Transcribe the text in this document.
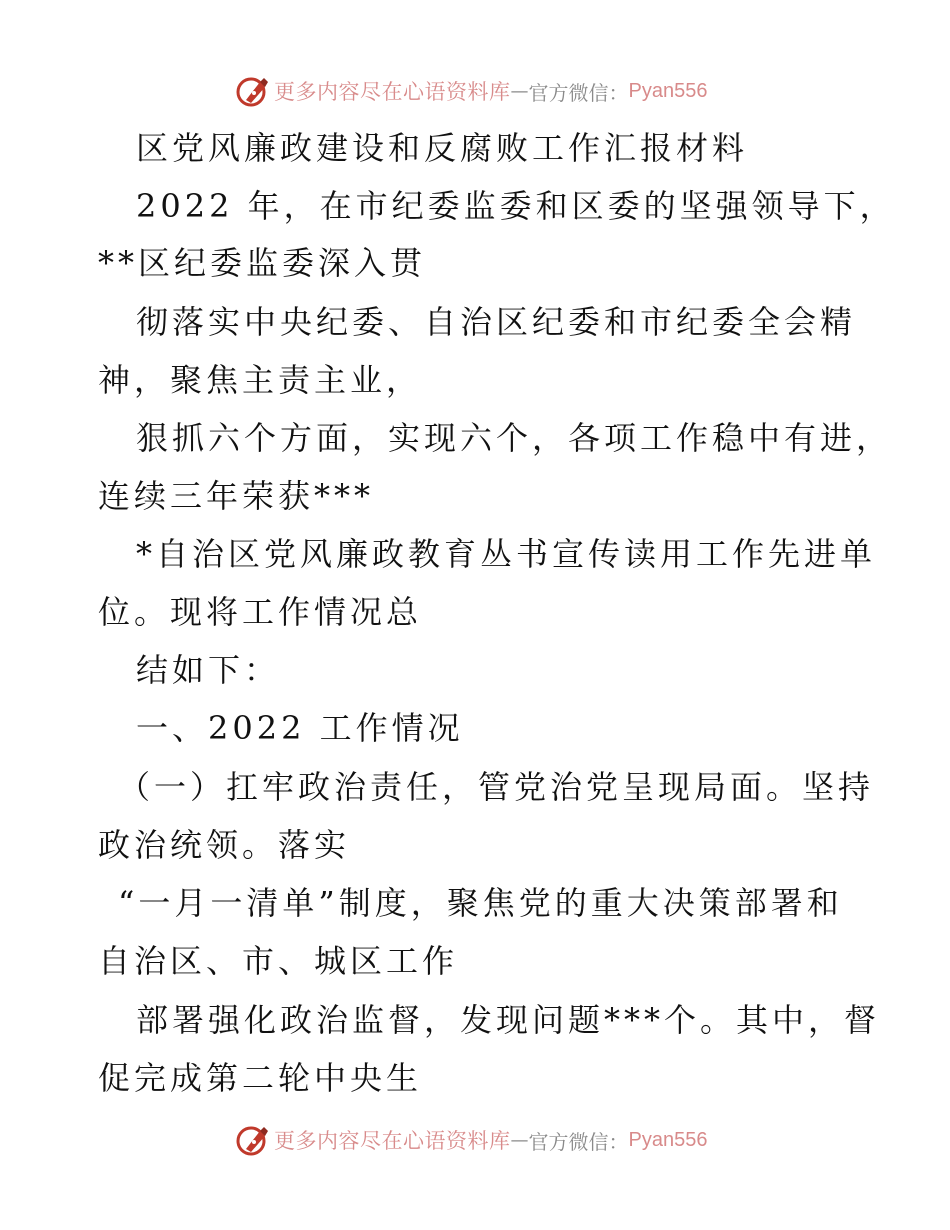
更多内容尽在心语资料库 — 官方微信： Pyan556
区党风廉政建设和反腐败工作汇报材料
2022 年，在市纪委监委和区委的坚强领导下，
**区纪委监委深入贯
彻落实中央纪委、自治区纪委和市纪委全会精
神，聚焦主责主业，
狠抓六个方面，实现六个，各项工作稳中有进，
连续三年荣获***
*自治区党风廉政教育丛书宣传读用工作先进单
位。现将工作情况总
结如下：
一、2022 工作情况
（一）扛牢政治责任，管党治党呈现局面。坚持
政治统领。落实
“一月一清单”制度，聚焦党的重大决策部署和
自治区、市、城区工作
部署强化政治监督，发现问题***个。其中，督
促完成第二轮中央生
更多内容尽在心语资料库 — 官方微信： Pyan556
